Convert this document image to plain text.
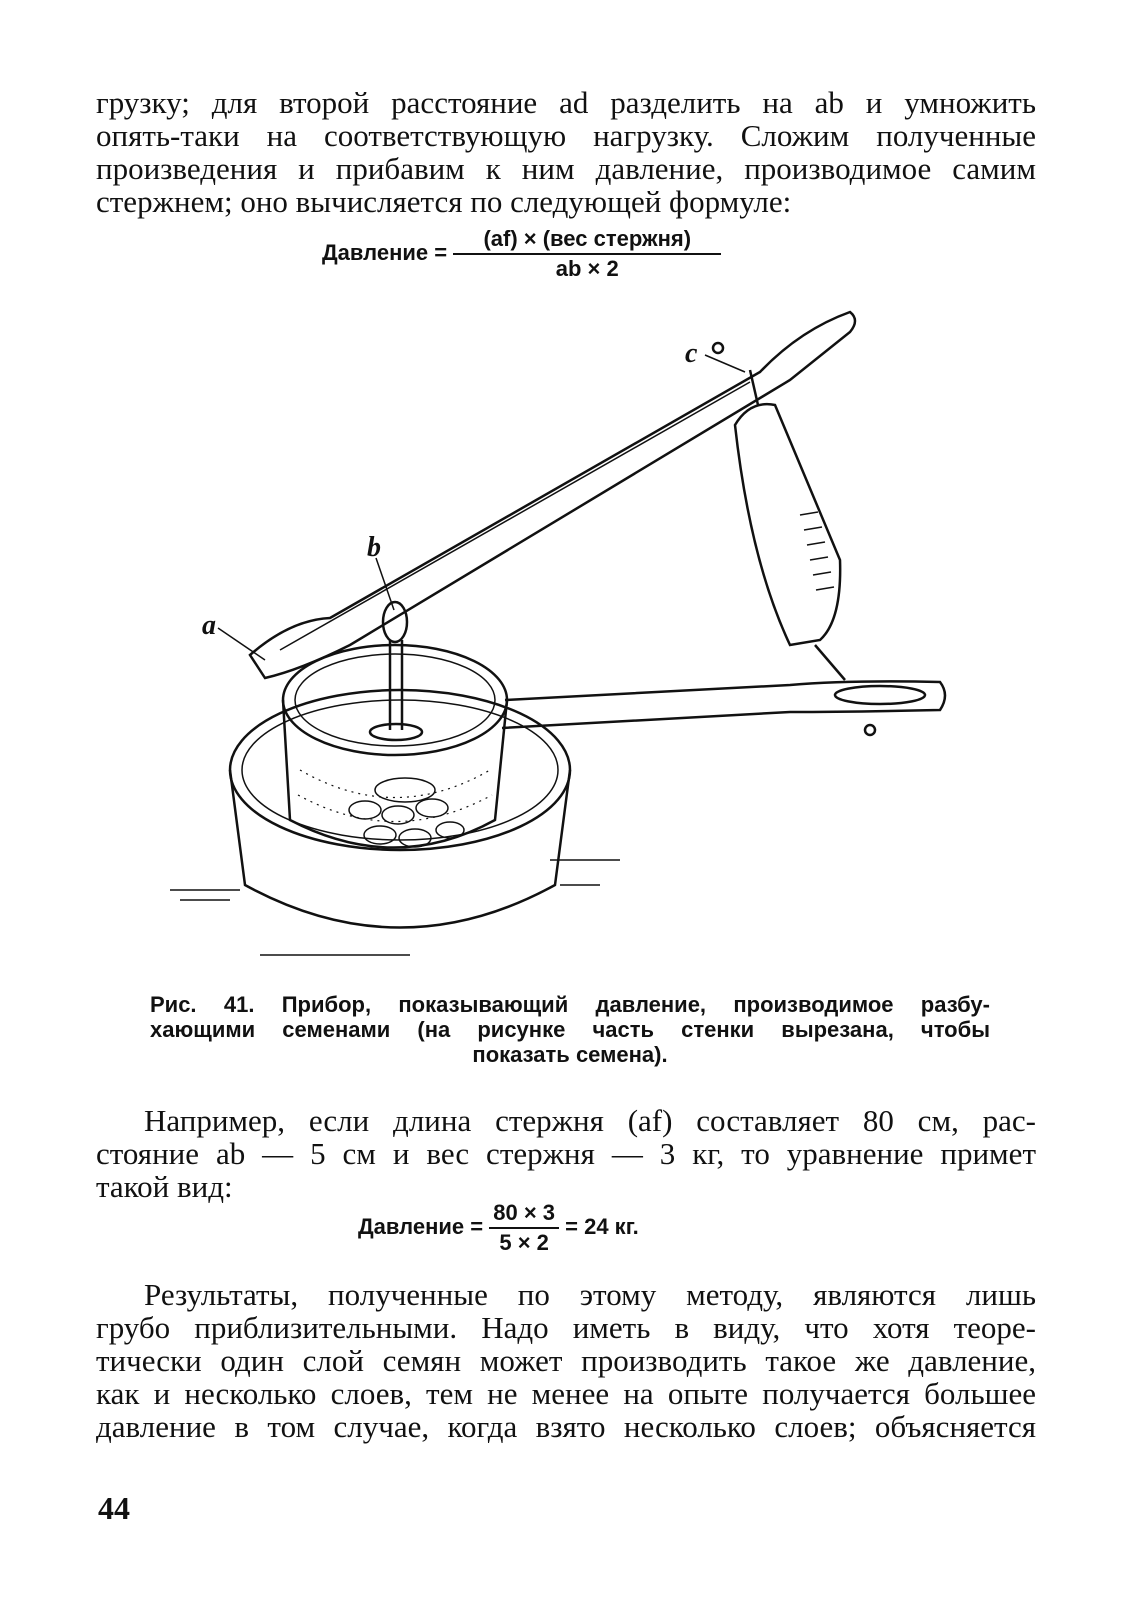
грузку; для второй расстояние ad разделить на ab и умножить
опять-таки на соответствующую нагрузку. Сложим полученные
произведения и прибавим к ним давление, производимое самим
стержнем; оно вычисляется по следующей формуле:
Давление = $\frac{\text{(af) × (вес стержня)}}{ab \times 2}$
a
b
c
Рис. 41. Прибор, показывающий давление, производимое разбу-
хающими семенами (на рисунке часть стенки вырезана, чтобы
показать семена).
Например, если длина стержня (af) составляет 80 см, рас-
стояние ab — 5 см и вес стержня — 3 кг, то уравнение примет
такой вид:
Давление = $\frac{80 \times 3}{5 \times 2} = 24$ кг.
Результаты, полученные по этому методу, являются лишь
грубо приблизительными. Надо иметь в виду, что хотя теоре-
тически один слой семян может производить такое же давление,
как и несколько слоев, тем не менее на опыте получается большее
давление в том случае, когда взято несколько слоев; объясняется
44
